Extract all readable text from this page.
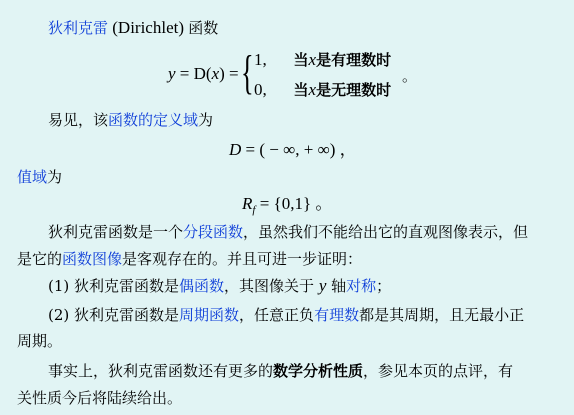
狄利克雷 (Dirichlet) 函数
y = D(x) = { 1, 当x是有理数时
0, 当x是无理数时
。
易见，该函数的定义域为
D = ( − ∞, + ∞) ，
值域为
$R_f = \{0,1\}$ 。
狄利克雷函数是一个分段函数，虽然我们不能给出它的直观图像表示，但
是它的函数图像是客观存在的。并且可进一步证明：
(1) 狄利克雷函数是偶函数，其图像关于 y 轴对称；
(2) 狄利克雷函数是周期函数，任意正负有理数都是其周期，且无最小正
周期。
事实上，狄利克雷函数还有更多的数学分析性质，参见本页的点评，有
关性质今后将陆续给出。
